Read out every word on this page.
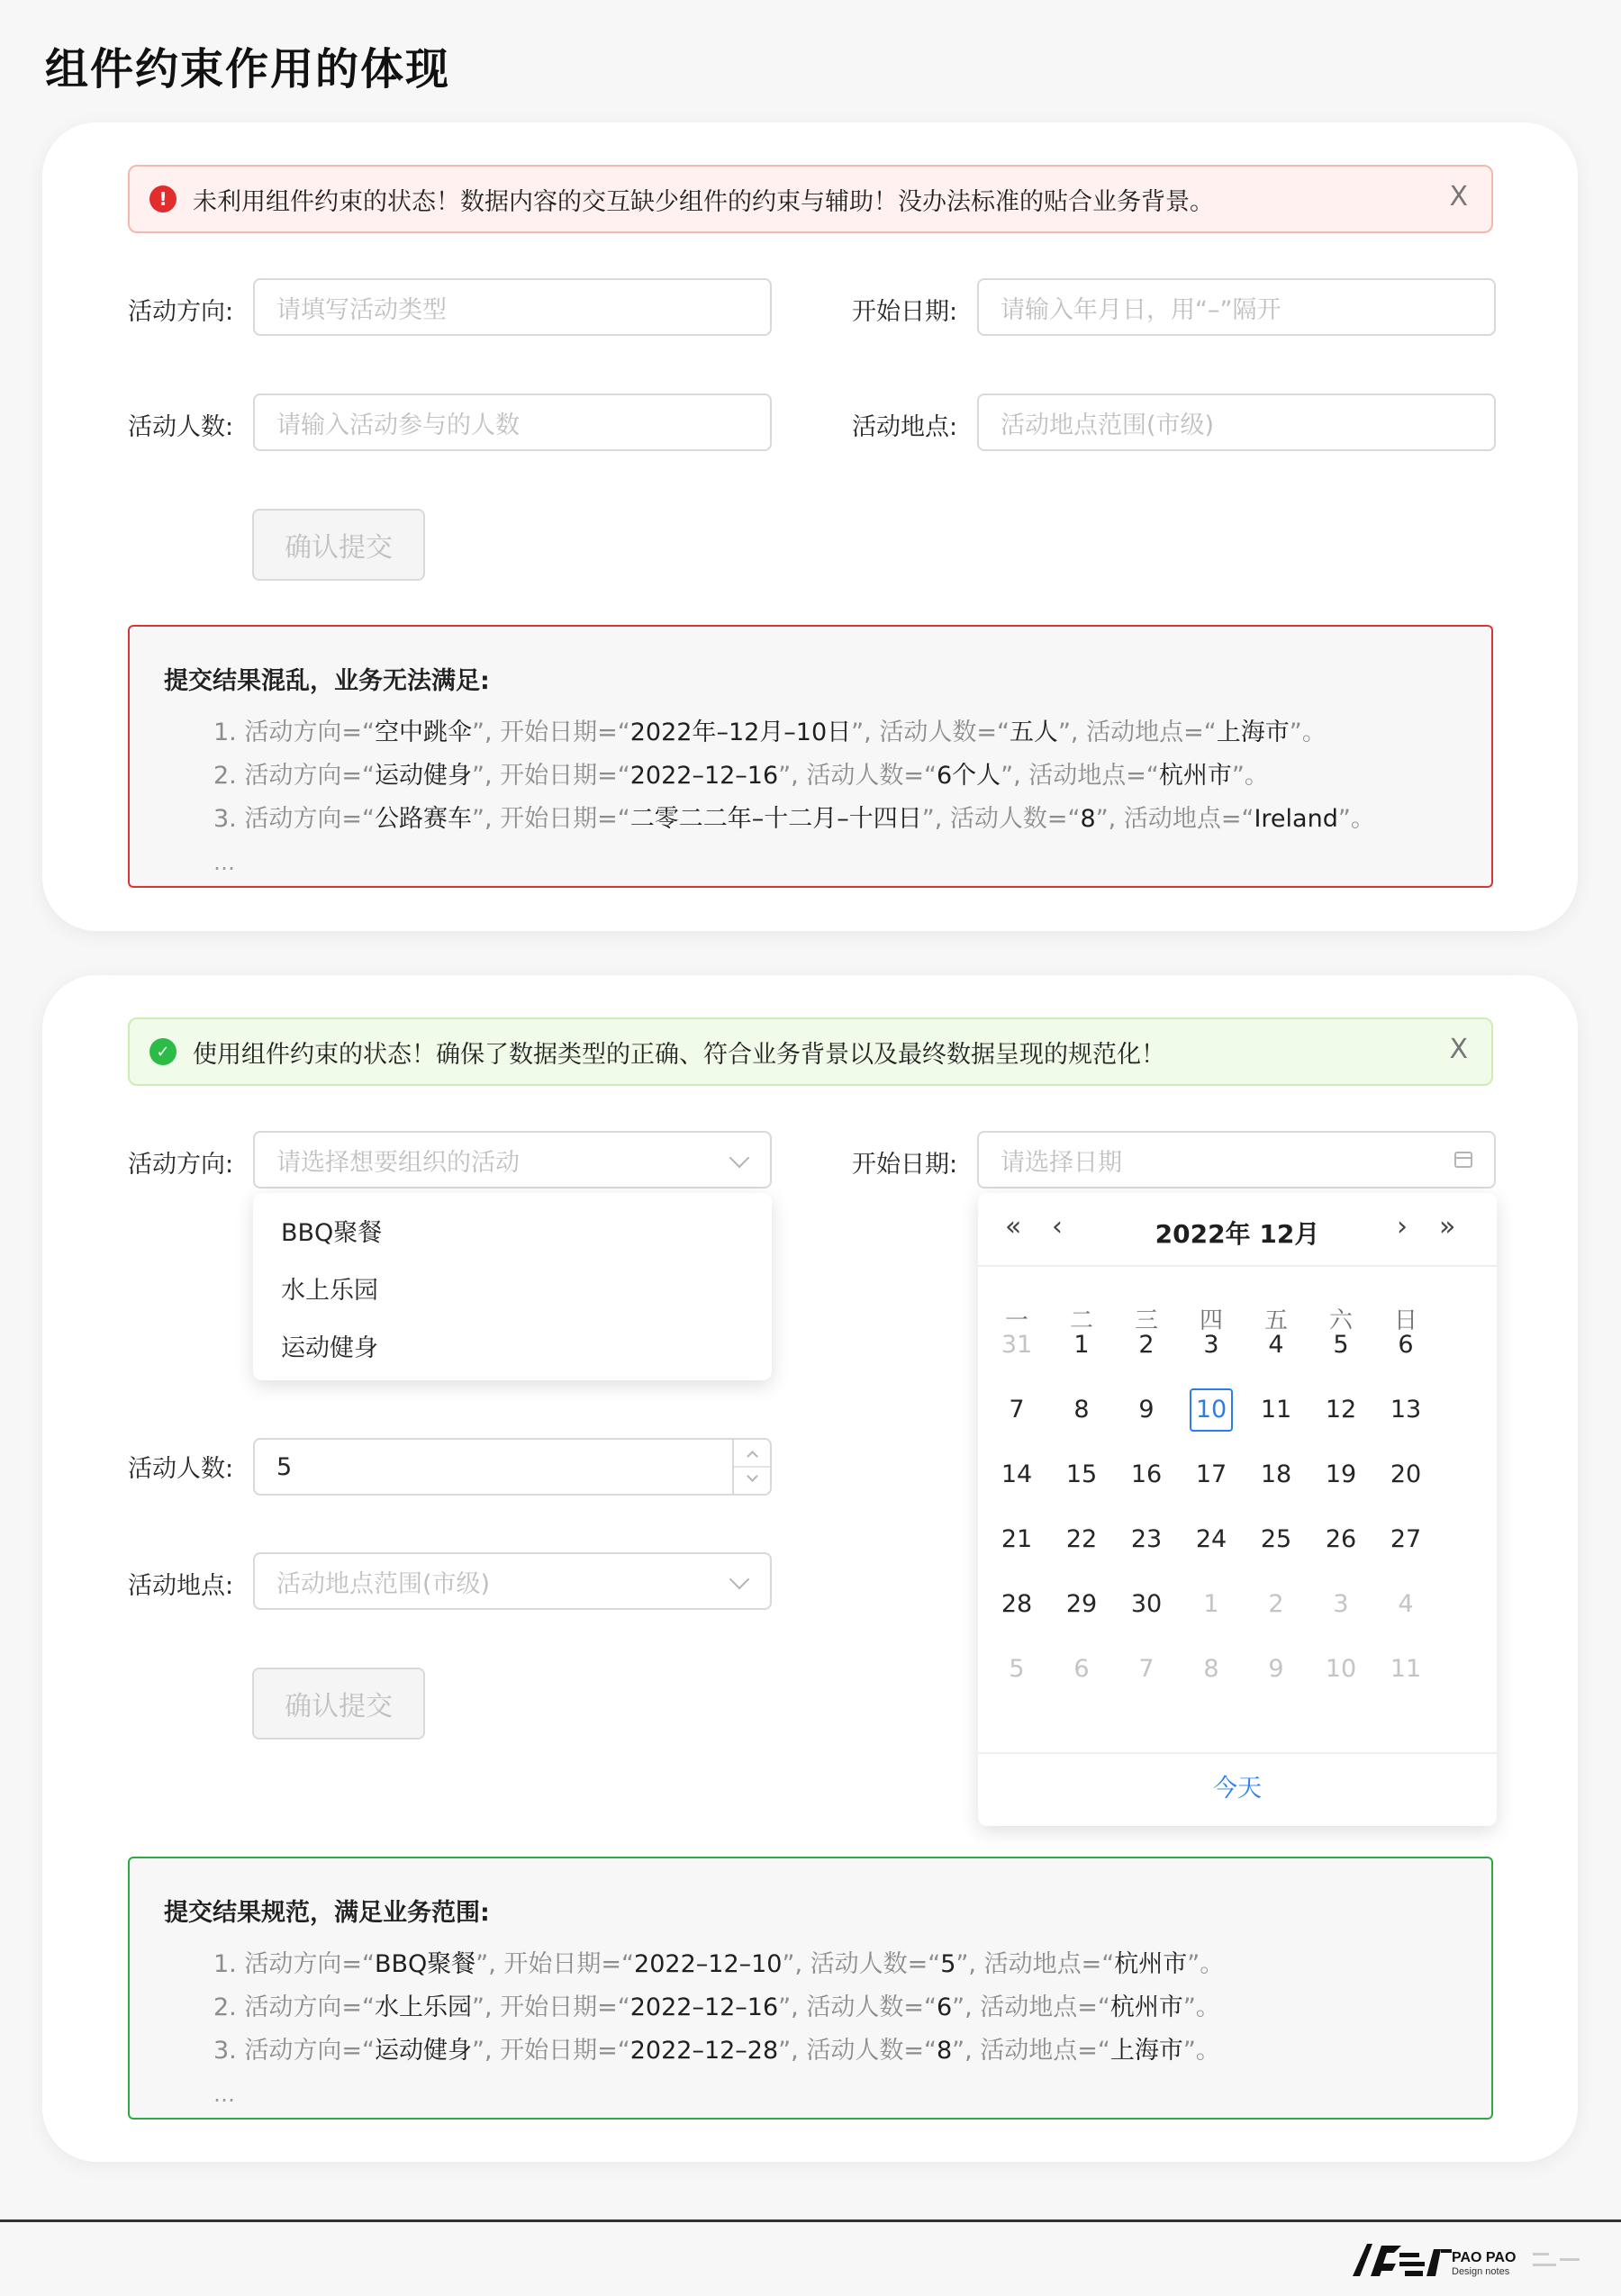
组件约束作用的体现
!	未利用组件约束的状态！数据内容的交互缺少组件的约束与辅助！没办法标准的贴合业务背景。	X
活动方向:	请填写活动类型	开始日期:	请输入年月日，用“–”隔开
活动人数:	请输入活动参与的人数	活动地点:	活动地点范围(市级)
确认提交
提交结果混乱，业务无法满足:
1. 活动方向=“空中跳伞”, 开始日期=“2022年–12月–10日”, 活动人数=“五人”, 活动地点=“上海市”。
2. 活动方向=“运动健身”, 开始日期=“2022–12–16”, 活动人数=“6个人”, 活动地点=“杭州市”。
3. 活动方向=“公路赛车”, 开始日期=“二零二二年–十二月–十四日”, 活动人数=“8”, 活动地点=“Ireland”。
…
✓ 使用组件约束的状态！确保了数据类型的正确、符合业务背景以及最终数据呈现的规范化！	X
活动方向: 请选择想要组织的活动	开始日期: 请选择日期
活动人数: 5
活动地点: 活动地点范围(市级)
确认提交
提交结果规范，满足业务范围:
1. 活动方向=“BBQ聚餐”, 开始日期=“2022–12–10”, 活动人数=“5”, 活动地点=“杭州市”。
2. 活动方向=“水上乐园”, 开始日期=“2022–12–16”, 活动人数=“6”, 活动地点=“杭州市”。
3. 活动方向=“运动健身”, 开始日期=“2022–12–28”, 活动人数=“8”, 活动地点=“上海市”。
…
BBQ聚餐
水上乐园
运动健身
« ‹	2022年 12月	› »
一	二	三	四	五	六	日
31	1	2	3	4	5	6
7	8	9	10 11 12 13
14 15 16 17 18 19 20
21 22 23 24 25 26 27
28 29 30	1	2	3	4
5	6	7	8	9	10 11
今天
PAO PAO
Design notes
